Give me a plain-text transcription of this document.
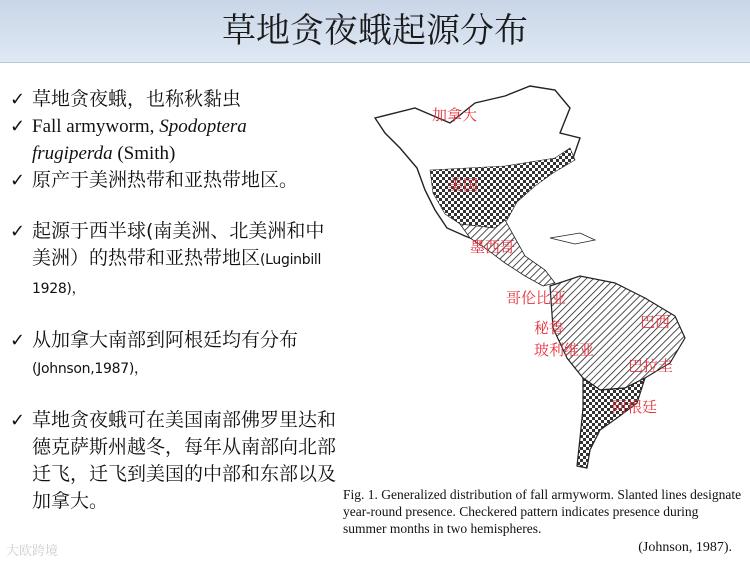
草地贪夜蛾起源分布
✓ 草地贪夜蛾，也称秋黏虫
✓ Fall armyworm, Spodoptera
frugiperda (Smith)
✓ 原产于美洲热带和亚热带地区。
✓ 起源于西半球(南美洲、北美洲和中美洲）的热带和亚热带地区(Luginbill 1928)，
✓ 从加拿大南部到阿根廷均有分布(Johnson,1987)，
✓ 草地贪夜蛾可在美国南部佛罗里达和德克萨斯州越冬，每年从南部向北部迁飞，迁飞到美国的中部和东部以及加拿大。
加拿大
美国
墨西哥
哥伦比亚
秘鲁
玻利维亚
巴西
巴拉圭
阿根廷
Fig. 1. Generalized distribution of fall armyworm. Slanted lines designate year-round presence. Checkered pattern indicates presence during summer months in two hemispheres.
(Johnson, 1987).
大欧跨境
